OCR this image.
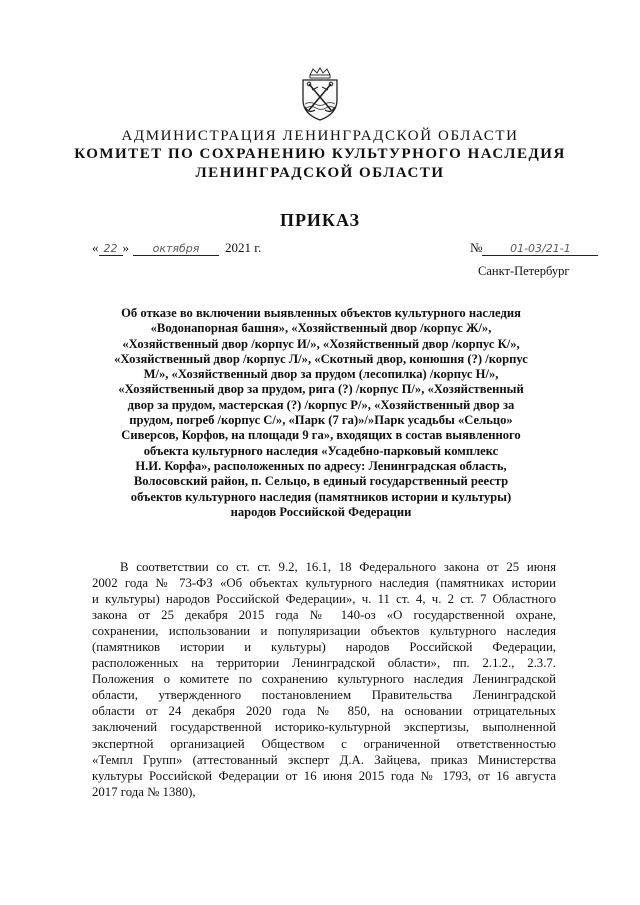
АДМИНИСТРАЦИЯ ЛЕНИНГРАДСКОЙ ОБЛАСТИ
КОМИТЕТ ПО СОХРАНЕНИЮ КУЛЬТУРНОГО НАСЛЕДИЯ
ЛЕНИНГРАДСКОЙ ОБЛАСТИ
ПРИКАЗ
« 22 » октября 2021 г.	№	01-03/21-1
Санкт-Петербург
Об отказе во включении выявленных объектов культурного наследия
«Водонапорная башня», «Хозяйственный двор /корпус Ж/»,
«Хозяйственный двор /корпус И/», «Хозяйственный двор /корпус К/»,
«Хозяйственный двор /корпус Л/», «Скотный двор, конюшня (?) /корпус
М/», «Хозяйственный двор за прудом (лесопилка) /корпус Н/»,
«Хозяйственный двор за прудом, рига (?) /корпус П/», «Хозяйственный
двор за прудом, мастерская (?) /корпус Р/», «Хозяйственный двор за
прудом, погреб /корпус С/», «Парк (7 га)»/»Парк усадьбы «Сельцо»
Сиверсов, Корфов, на площади 9 га», входящих в состав выявленного
объекта культурного наследия «Усадебно-парковый комплекс
Н.И. Корфа», расположенных по адресу: Ленинградская область,
Волосовский район, п. Сельцо, в единый государственный реестр
объектов культурного наследия (памятников истории и культуры)
народов Российской Федерации
В соответствии со ст. ст. 9.2, 16.1, 18 Федерального закона от 25 июня
2002 года № 73-ФЗ «Об объектах культурного наследия (памятниках истории
и культуры) народов Российской Федерации», ч. 11 ст. 4, ч. 2 ст. 7 Областного
закона от 25 декабря 2015 года № 140-оз «О государственной охране,
сохранении, использовании и популяризации объектов культурного наследия
(памятников истории и культуры) народов Российской Федерации,
расположенных на территории Ленинградской области», пп. 2.1.2., 2.3.7.
Положения о комитете по сохранению культурного наследия Ленинградской
области, утвержденного постановлением Правительства Ленинградской
области от 24 декабря 2020 года № 850, на основании отрицательных
заключений государственной историко-культурной экспертизы, выполненной
экспертной организацией Обществом с ограниченной ответственностью
«Темпл Групп» (аттестованный эксперт Д.А. Зайцева, приказ Министерства
культуры Российской Федерации от 16 июня 2015 года № 1793, от 16 августа
2017 года № 1380),
